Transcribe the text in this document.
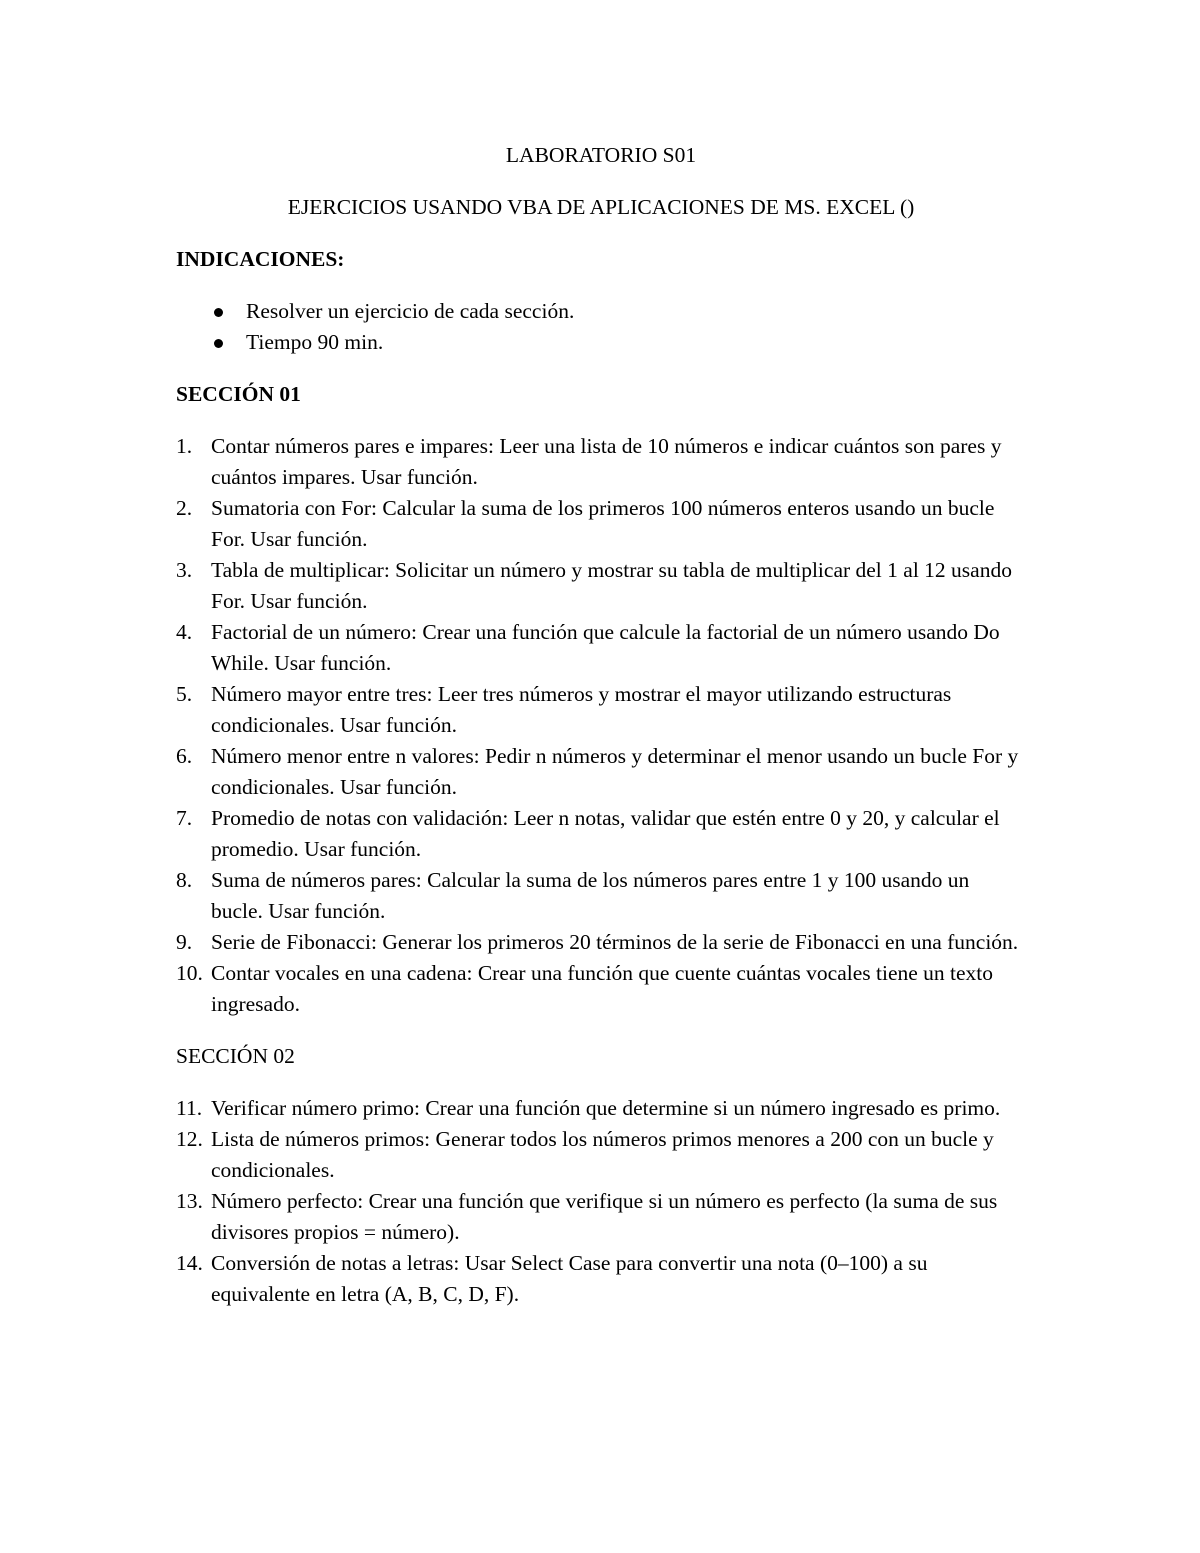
LABORATORIO S01

EJERCICIOS USANDO VBA DE APLICACIONES DE MS. EXCEL ()

INDICACIONES:

Resolver un ejercicio de cada sección.
Tiempo 90 min.

SECCIÓN 01

1. Contar números pares e impares: Leer una lista de 10 números e indicar cuántos son pares y cuántos impares. Usar función.
2. Sumatoria con For: Calcular la suma de los primeros 100 números enteros usando un bucle For. Usar función.
3. Tabla de multiplicar: Solicitar un número y mostrar su tabla de multiplicar del 1 al 12 usando For. Usar función.
4. Factorial de un número: Crear una función que calcule la factorial de un número usando Do While. Usar función.
5. Número mayor entre tres: Leer tres números y mostrar el mayor utilizando estructuras condicionales. Usar función.
6. Número menor entre n valores: Pedir n números y determinar el menor usando un bucle For y condicionales. Usar función.
7. Promedio de notas con validación: Leer n notas, validar que estén entre 0 y 20, y calcular el promedio. Usar función.
8. Suma de números pares: Calcular la suma de los números pares entre 1 y 100 usando un bucle. Usar función.
9. Serie de Fibonacci: Generar los primeros 20 términos de la serie de Fibonacci en una función.
10. Contar vocales en una cadena: Crear una función que cuente cuántas vocales tiene un texto ingresado.

SECCIÓN 02

11. Verificar número primo: Crear una función que determine si un número ingresado es primo.
12. Lista de números primos: Generar todos los números primos menores a 200 con un bucle y condicionales.
13. Número perfecto: Crear una función que verifique si un número es perfecto (la suma de sus divisores propios = número).
14. Conversión de notas a letras: Usar Select Case para convertir una nota (0–100) a su equivalente en letra (A, B, C, D, F).
